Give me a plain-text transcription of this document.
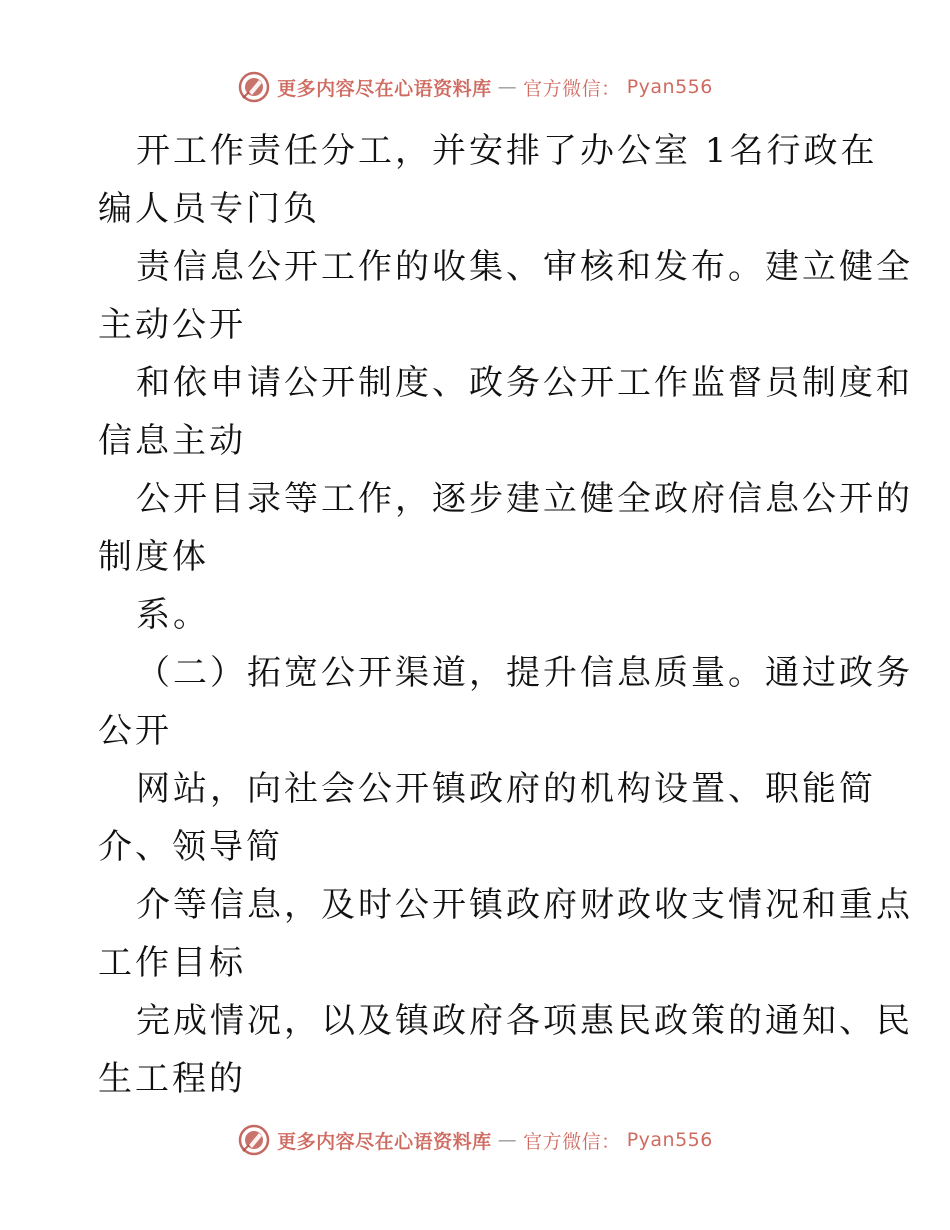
更多内容尽在心语资料库 — 官方微信： Pyan556
开工作责任分工，并安排了办公室 1名行政在
编人员专门负
责信息公开工作的收集、审核和发布。建立健全
主动公开
和依申请公开制度、政务公开工作监督员制度和
信息主动
公开目录等工作，逐步建立健全政府信息公开的
制度体
系。
（二）拓宽公开渠道，提升信息质量。通过政务
公开
网站，向社会公开镇政府的机构设置、职能简
介、领导简
介等信息，及时公开镇政府财政收支情况和重点
工作目标
完成情况，以及镇政府各项惠民政策的通知、民
生工程的
更多内容尽在心语资料库 — 官方微信： Pyan556
